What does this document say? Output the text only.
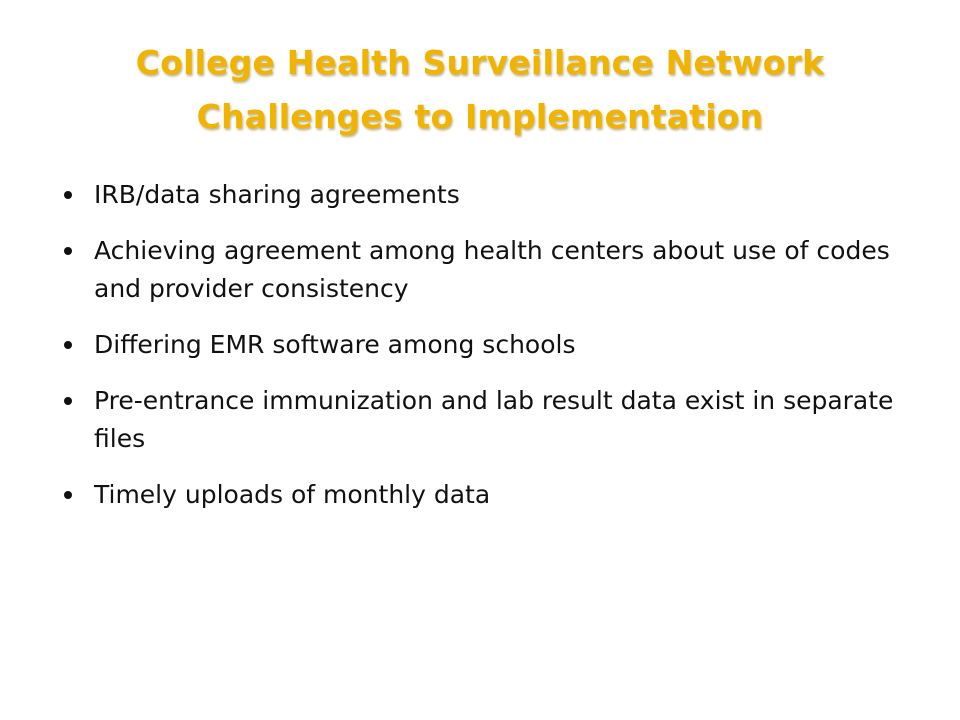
College Health Surveillance Network
Challenges to Implementation
IRB/data sharing agreements
Achieving agreement among health centers about use of codes and provider consistency
Differing EMR software among schools
Pre-entrance immunization and lab result data exist in separate files
Timely uploads of monthly data
